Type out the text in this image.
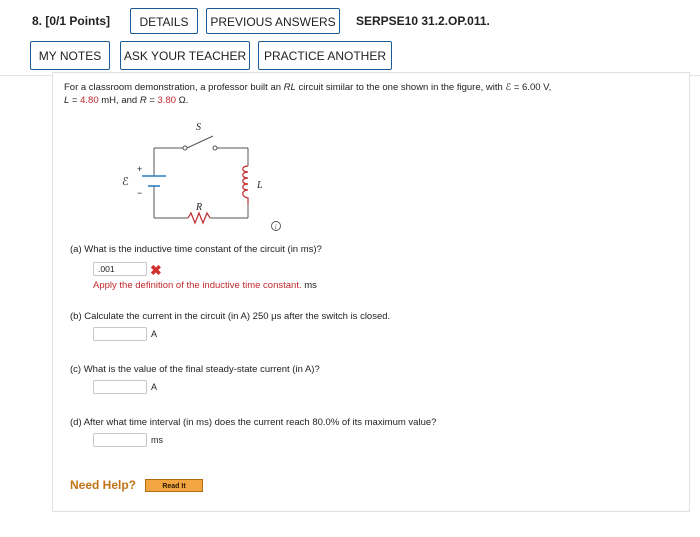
8. [0/1 Points]	DETAILS	PREVIOUS ANSWERS	SERPSE10 31.2.OP.011.
MY NOTES	ASK YOUR TEACHER	PRACTICE ANOTHER
For a classroom demonstration, a professor built an RL circuit similar to the one shown in the figure, with ℰ = 6.00 V,
L = 4.80 mH, and R = 3.80 Ω.
S
ℰ
+
−
R
L
i
(a) What is the inductive time constant of the circuit (in ms)?
.001	✖
Apply the definition of the inductive time constant. ms
(b) Calculate the current in the circuit (in A) 250 μs after the switch is closed.
A
(c) What is the value of the final steady-state current (in A)?
A
(d) After what time interval (in ms) does the current reach 80.0% of its maximum value?
ms
Need Help?	Read It
